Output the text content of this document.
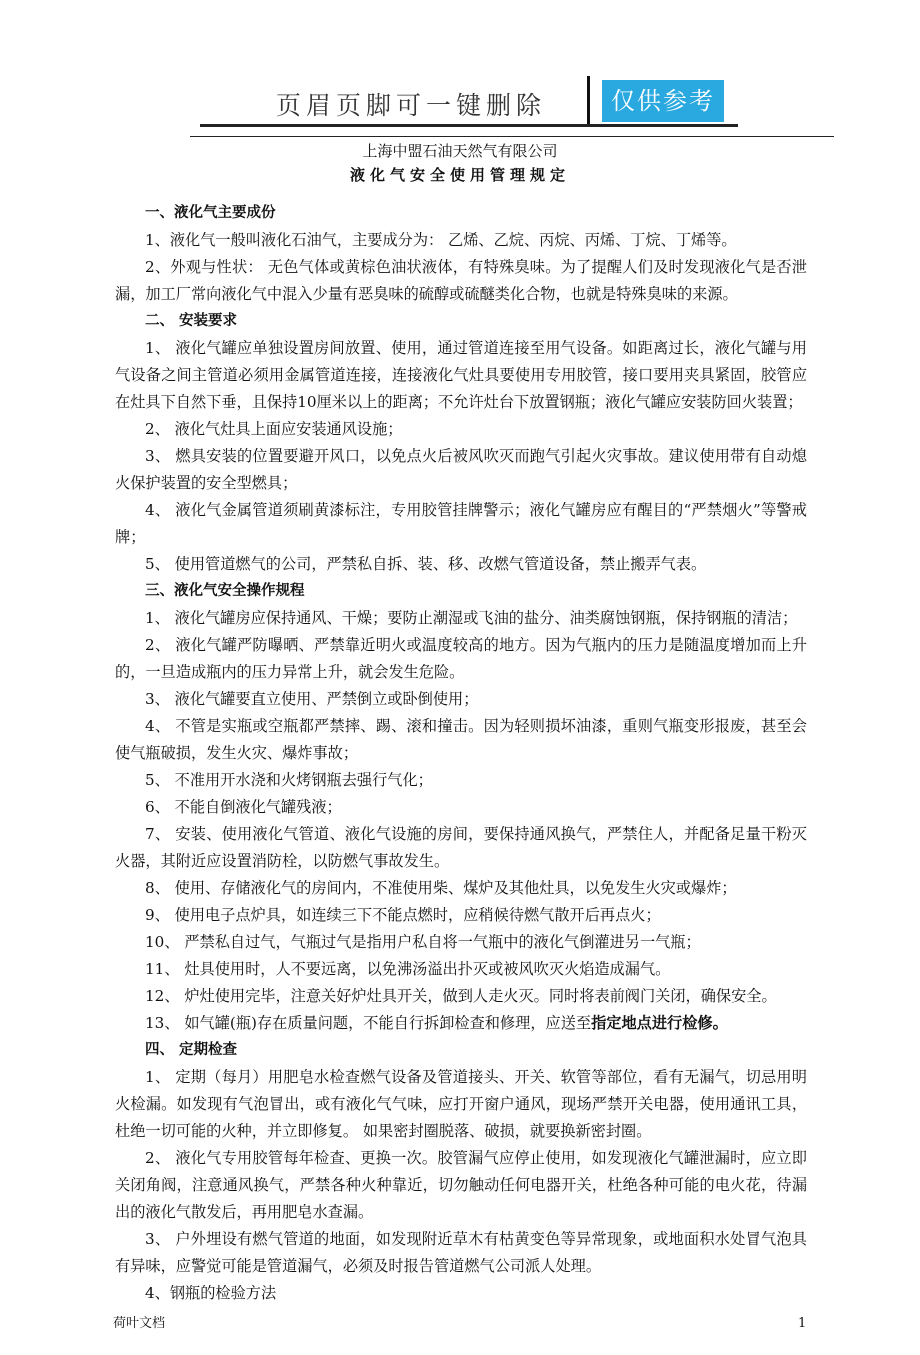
页眉页脚可一键删除	仅供参考
上海中盟石油天然气有限公司
液化气安全使用管理规定
一、液化气主要成份
1、液化气一般叫液化石油气，主要成分为： 乙烯、乙烷、丙烷、丙烯、丁烷、丁烯等。
2、外观与性状： 无色气体或黄棕色油状液体，有特殊臭味。为了提醒人们及时发现液化气是否泄漏，加工厂常向液化气中混入少量有恶臭味的硫醇或硫醚类化合物，也就是特殊臭味的来源。
二、 安装要求
1、 液化气罐应单独设置房间放置、使用，通过管道连接至用气设备。如距离过长，液化气罐与用气设备之间主管道必须用金属管道连接，连接液化气灶具要使用专用胶管，接口要用夹具紧固，胶管应在灶具下自然下垂，且保持10厘米以上的距离；不允许灶台下放置钢瓶；液化气罐应安装防回火装置；
2、 液化气灶具上面应安装通风设施；
3、 燃具安装的位置要避开风口，以免点火后被风吹灭而跑气引起火灾事故。建议使用带有自动熄火保护装置的安全型燃具；
4、 液化气金属管道须刷黄漆标注，专用胶管挂牌警示；液化气罐房应有醒目的“严禁烟火”等警戒牌；
5、 使用管道燃气的公司，严禁私自拆、装、移、改燃气管道设备，禁止搬弄气表。
三、液化气安全操作规程
1、 液化气罐房应保持通风、干燥；要防止潮湿或飞油的盐分、油类腐蚀钢瓶，保持钢瓶的清洁；
2、 液化气罐严防曝晒、严禁靠近明火或温度较高的地方。因为气瓶内的压力是随温度增加而上升的，一旦造成瓶内的压力异常上升，就会发生危险。
3、 液化气罐要直立使用、严禁倒立或卧倒使用；
4、 不管是实瓶或空瓶都严禁摔、踢、滚和撞击。因为轻则损坏油漆，重则气瓶变形报废，甚至会使气瓶破损，发生火灾、爆炸事故；
5、 不准用开水浇和火烤钢瓶去强行气化；
6、 不能自倒液化气罐残液；
7、 安装、使用液化气管道、液化气设施的房间，要保持通风换气，严禁住人，并配备足量干粉灭火器，其附近应设置消防栓，以防燃气事故发生。
8、 使用、存储液化气的房间内，不准使用柴、煤炉及其他灶具，以免发生火灾或爆炸；
9、 使用电子点炉具，如连续三下不能点燃时，应稍候待燃气散开后再点火；
10、 严禁私自过气，气瓶过气是指用户私自将一气瓶中的液化气倒灌进另一气瓶；
11、 灶具使用时，人不要远离，以免沸汤溢出扑灭或被风吹灭火焰造成漏气。
12、 炉灶使用完毕，注意关好炉灶具开关，做到人走火灭。同时将表前阀门关闭，确保安全。
13、 如气罐(瓶)存在质量问题，不能自行拆卸检查和修理，应送至指定地点进行检修。
四、 定期检查
1、 定期（每月）用肥皂水检查燃气设备及管道接头、开关、软管等部位，看有无漏气，切忌用明火检漏。如发现有气泡冒出，或有液化气气味，应打开窗户通风，现场严禁开关电器，使用通讯工具，杜绝一切可能的火种，并立即修复。 如果密封圈脱落、破损，就要换新密封圈。
2、 液化气专用胶管每年检查、更换一次。胶管漏气应停止使用，如发现液化气罐泄漏时，应立即关闭角阀，注意通风换气，严禁各种火种靠近，切勿触动任何电器开关，杜绝各种可能的电火花，待漏出的液化气散发后，再用肥皂水查漏。
3、 户外埋设有燃气管道的地面，如发现附近草木有枯黄变色等异常现象，或地面积水处冒气泡具有异味，应警觉可能是管道漏气，必须及时报告管道燃气公司派人处理。
4、钢瓶的检验方法
荷叶文档	1
